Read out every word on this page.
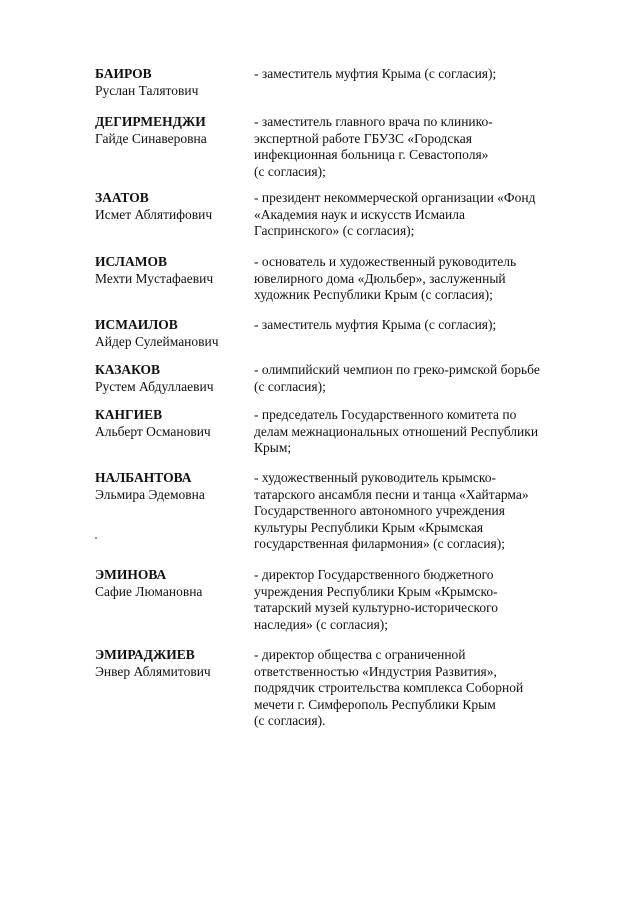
БАИРОВ
Руслан Талятович
- заместитель муфтия Крыма (с согласия);
ДЕГИРМЕНДЖИ
Гайде Синаверовна
- заместитель главного врача по клинико-
экспертной работе ГБУЗС «Городская
инфекционная больница г. Севастополя»
(с согласия);
ЗААТОВ
Исмет Аблятифович
- президент некоммерческой организации «Фонд
«Академия наук и искусств Исмаила
Гаспринского» (с согласия);
ИСЛАМОВ
Мехти Мустафаевич
- основатель и художественный руководитель
ювелирного дома «Дюльбер», заслуженный
художник Республики Крым (с согласия);
ИСМАИЛОВ
Айдер Сулейманович
- заместитель муфтия Крыма (с согласия);
КАЗАКОВ
Рустем Абдуллаевич
- олимпийский чемпион по греко-римской борьбе
(с согласия);
КАНГИЕВ
Альберт Османович
- председатель Государственного комитета по
делам межнациональных отношений Республики
Крым;
НАЛБАНТОВА
Эльмира Эдемовна
- художественный руководитель крымско-
татарского ансамбля песни и танца «Хайтарма»
Государственного автономного учреждения
культуры Республики Крым «Крымская
государственная филармония» (с согласия);
ЭМИНОВА
Сафие Люмановна
- директор Государственного бюджетного
учреждения Республики Крым «Крымско-
татарский музей культурно-исторического
наследия» (с согласия);
ЭМИРАДЖИЕВ
Энвер Аблямитович
- директор общества с ограниченной
ответственностью «Индустрия Развития»,
подрядчик строительства комплекса Соборной
мечети г. Симферополь Республики Крым
(с согласия).
